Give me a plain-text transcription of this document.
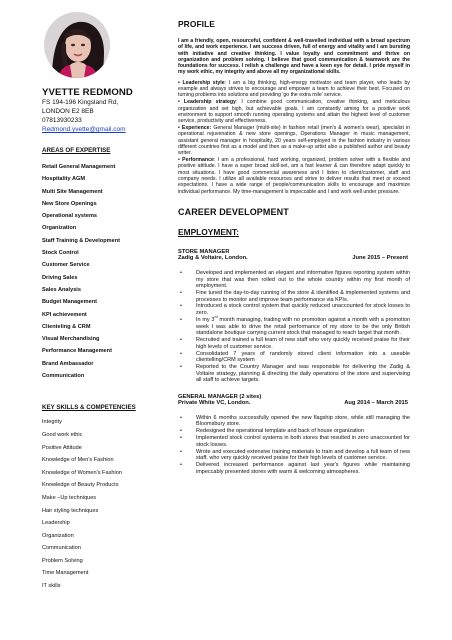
YVETTE REDMOND
FS 194-196 Kingsland Rd,
LONDON E2 8EB
07813930233
Redmond.yvette@gmail.com
AREAS OF EXPERTISE
Retail General Management
Hospitality AGM
Multi Site Management
New Store Openings
Operational systems
Organization
Staff Training & Development
Stock Control
Customer Service
Driving Sales
Sales Analysis
Budget Management
KPI achievement
Clienteling & CRM
Visual Merchandising
Performance Management
Brand Ambassador
Communication
KEY SKILLS & COMPETENCIES
Integrity
Good work ethic
Positive Attitude
Knowledge of Men's Fashion
Knowledge of Women's Fashion
Knowledge of Beauty Products
Make –Up techniques
Hair styling techniques
Leadership
Organization
Communication
Problem Solving
Time Management
IT skills
PROFILE

I am a friendly, open, resourceful, confident & well-travelled individual with a broad spectrum of life, and work experience. I am success driven, full of energy and vitality and I am bursting with initiative and creative thinking. I value loyalty and commitment and thrive on organization and problem solving. I believe that good communication & teamwork are the foundations for success. I relish a challenge and have a keen eye for detail. I pride myself in my work ethic, my integrity and above all my organizational skills.

• Leadership style: I am a big thinking, high-energy motivator and team player, who leads by example and always strives to encourage and empower a team to achieve their best. Focused on turning problems into solutions and providing 'go the extra mile' service.
• Leadership strategy: I combine good communication, creative thinking, and meticulous organization and set high, but achievable goals. I am constantly aiming for a positive work environment to support smooth running operating systems and attain the highest level of customer service, productivity and effectiveness.
• Experience: General Manager (multi-site) in fashion retail (men's & women's wear), specialist in operational rejuvenation & new store openings, Operations Manager in music management, assistant general manager in hospitality, 20 years self-employed in the fashion industry in various different countries first as a model and then as a make-up artist also a published author and beauty writer.
• Performance: I am a professional, hard working, organized, problem solver with a flexible and positive attitude. I have a super broad skill-set, am a fast learner & can therefore adapt quickly to most situations. I have good commercial awareness and I listen to client/customer, staff and company needs. I utilize all available resources and strive to deliver results that meet or exceed expectations. I have a wide range of people/communication skills to encourage and maximize individual performance. My time-management is impeccable and I and work well under pressure.
CAREER DEVELOPMENT
EMPLOYMENT:
STORE MANAGER
Zadig & Voltaire, London.	June 2015 – Present
•	Developed and implemented an elegant and informative figures reporting system within my store that was then rolled out to the whole country within my first month of employment.
•	Fine tuned the day-to-day running of the store & identified & implemented systems and processes to monitor and improve team performance via KPIs.
•	Introduced a stock control system that quickly reduced unaccounted for stock losses to zero.
•	In my 3rd month managing, trading with no promotion against a month with a promotion week I was able to drive the retail performance of my store to be the only British standalone boutique carrying current stock that managed to reach target that month.
•	Recruited and trained a full team of new staff who very quickly received praise for their high levels of customer service.
•	Consolidated 7 years of randomly stored client information into a useable clientelling/CRM system
•	Reported to the Country Manager and was responsible for delivering the Zadig & Voltaire strategy, planning & directing the daily operations of the store and supervising all staff to achieve targets.
GENERAL MANAGER (2 sites)
Private White VC, London.	Aug 2014 – March 2015
•	Within 6 months successfully opened the new flagship store, while still managing the Bloomsbury store.
•	Redesigned the operational template and back of house organization
•	Implemented stock control systems in both stores that resulted in zero unaccounted for stock losses.
•	Wrote and executed extensive training materials to train and develop a full team of new staff, who very quickly received praise for their high levels of customer service.
•	Delivered increased performance against last year's figures while maintaining impeccably presented stores with warm & welcoming atmospheres.
